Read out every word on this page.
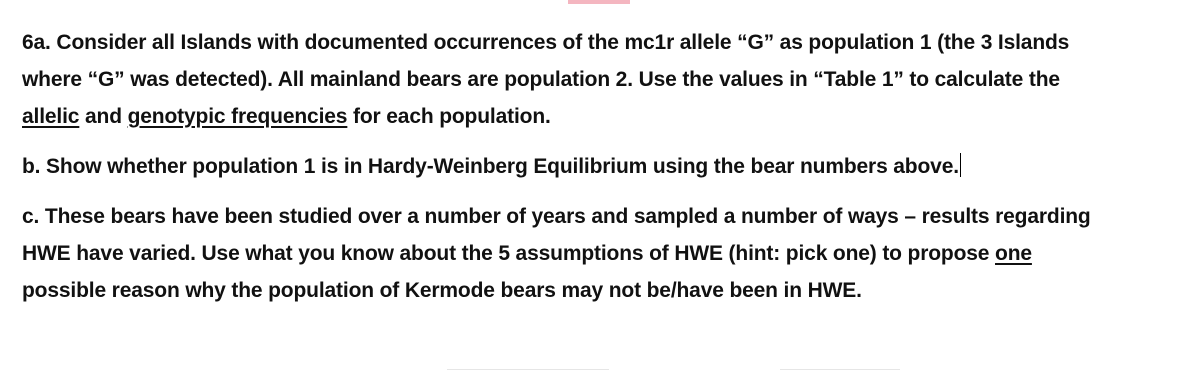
6a. Consider all Islands with documented occurrences of the mc1r allele “G” as population 1 (the 3 Islands
where “G” was detected). All mainland bears are population 2. Use the values in “Table 1” to calculate the
allelic and genotypic frequencies for each population.

b. Show whether population 1 is in Hardy-Weinberg Equilibrium using the bear numbers above.

c. These bears have been studied over a number of years and sampled a number of ways – results regarding
HWE have varied. Use what you know about the 5 assumptions of HWE (hint: pick one) to propose one
possible reason why the population of Kermode bears may not be/have been in HWE.
